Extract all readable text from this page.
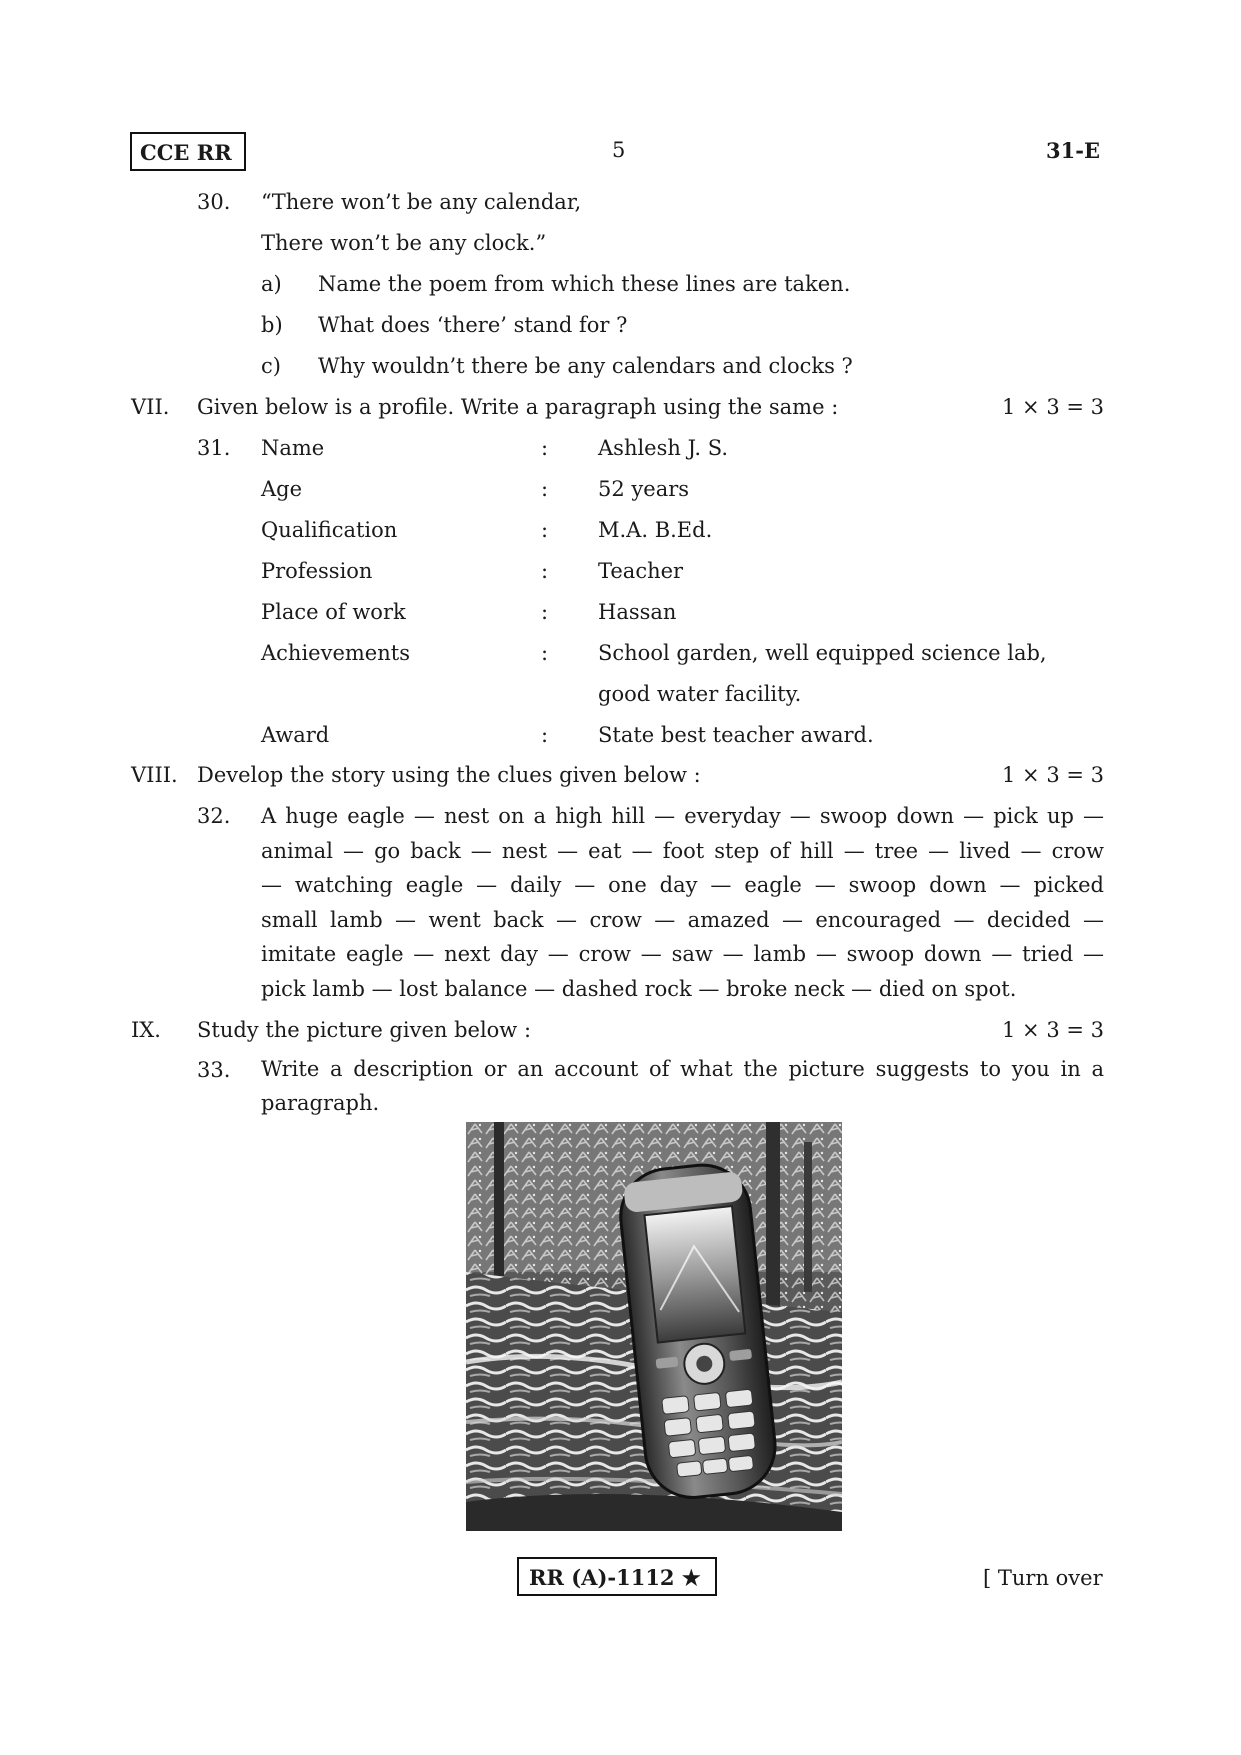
CCE RR	5	31-E
30. “There won’t be any calendar,
There won’t be any clock.”
a) Name the poem from which these lines are taken.
b) What does ‘there’ stand for ?
c) Why wouldn’t there be any calendars and clocks ?
VII. Given below is a profile. Write a paragraph using the same :	1 × 3 = 3
31. Name	: Ashlesh J. S.
Age	: 52 years
Qualification	: M.A. B.Ed.
Profession	: Teacher
Place of work	: Hassan
Achievements	: School garden, well equipped science lab,
good water facility.
Award	: State best teacher award.
VIII. Develop the story using the clues given below :	1 × 3 = 3
32. A huge eagle — nest on a high hill — everyday — swoop down — pick up —
animal — go back — nest — eat — foot step of hill — tree — lived — crow
— watching eagle — daily — one day — eagle — swoop down — picked
small lamb — went back — crow — amazed — encouraged — decided —
imitate eagle — next day — crow — saw — lamb — swoop down — tried —
pick lamb — lost balance — dashed rock — broke neck — died on spot.
IX. Study the picture given below :	1 × 3 = 3
33. Write a description or an account of what the picture suggests to you in a paragraph.
RR (A)-1112 ★	[ Turn over
